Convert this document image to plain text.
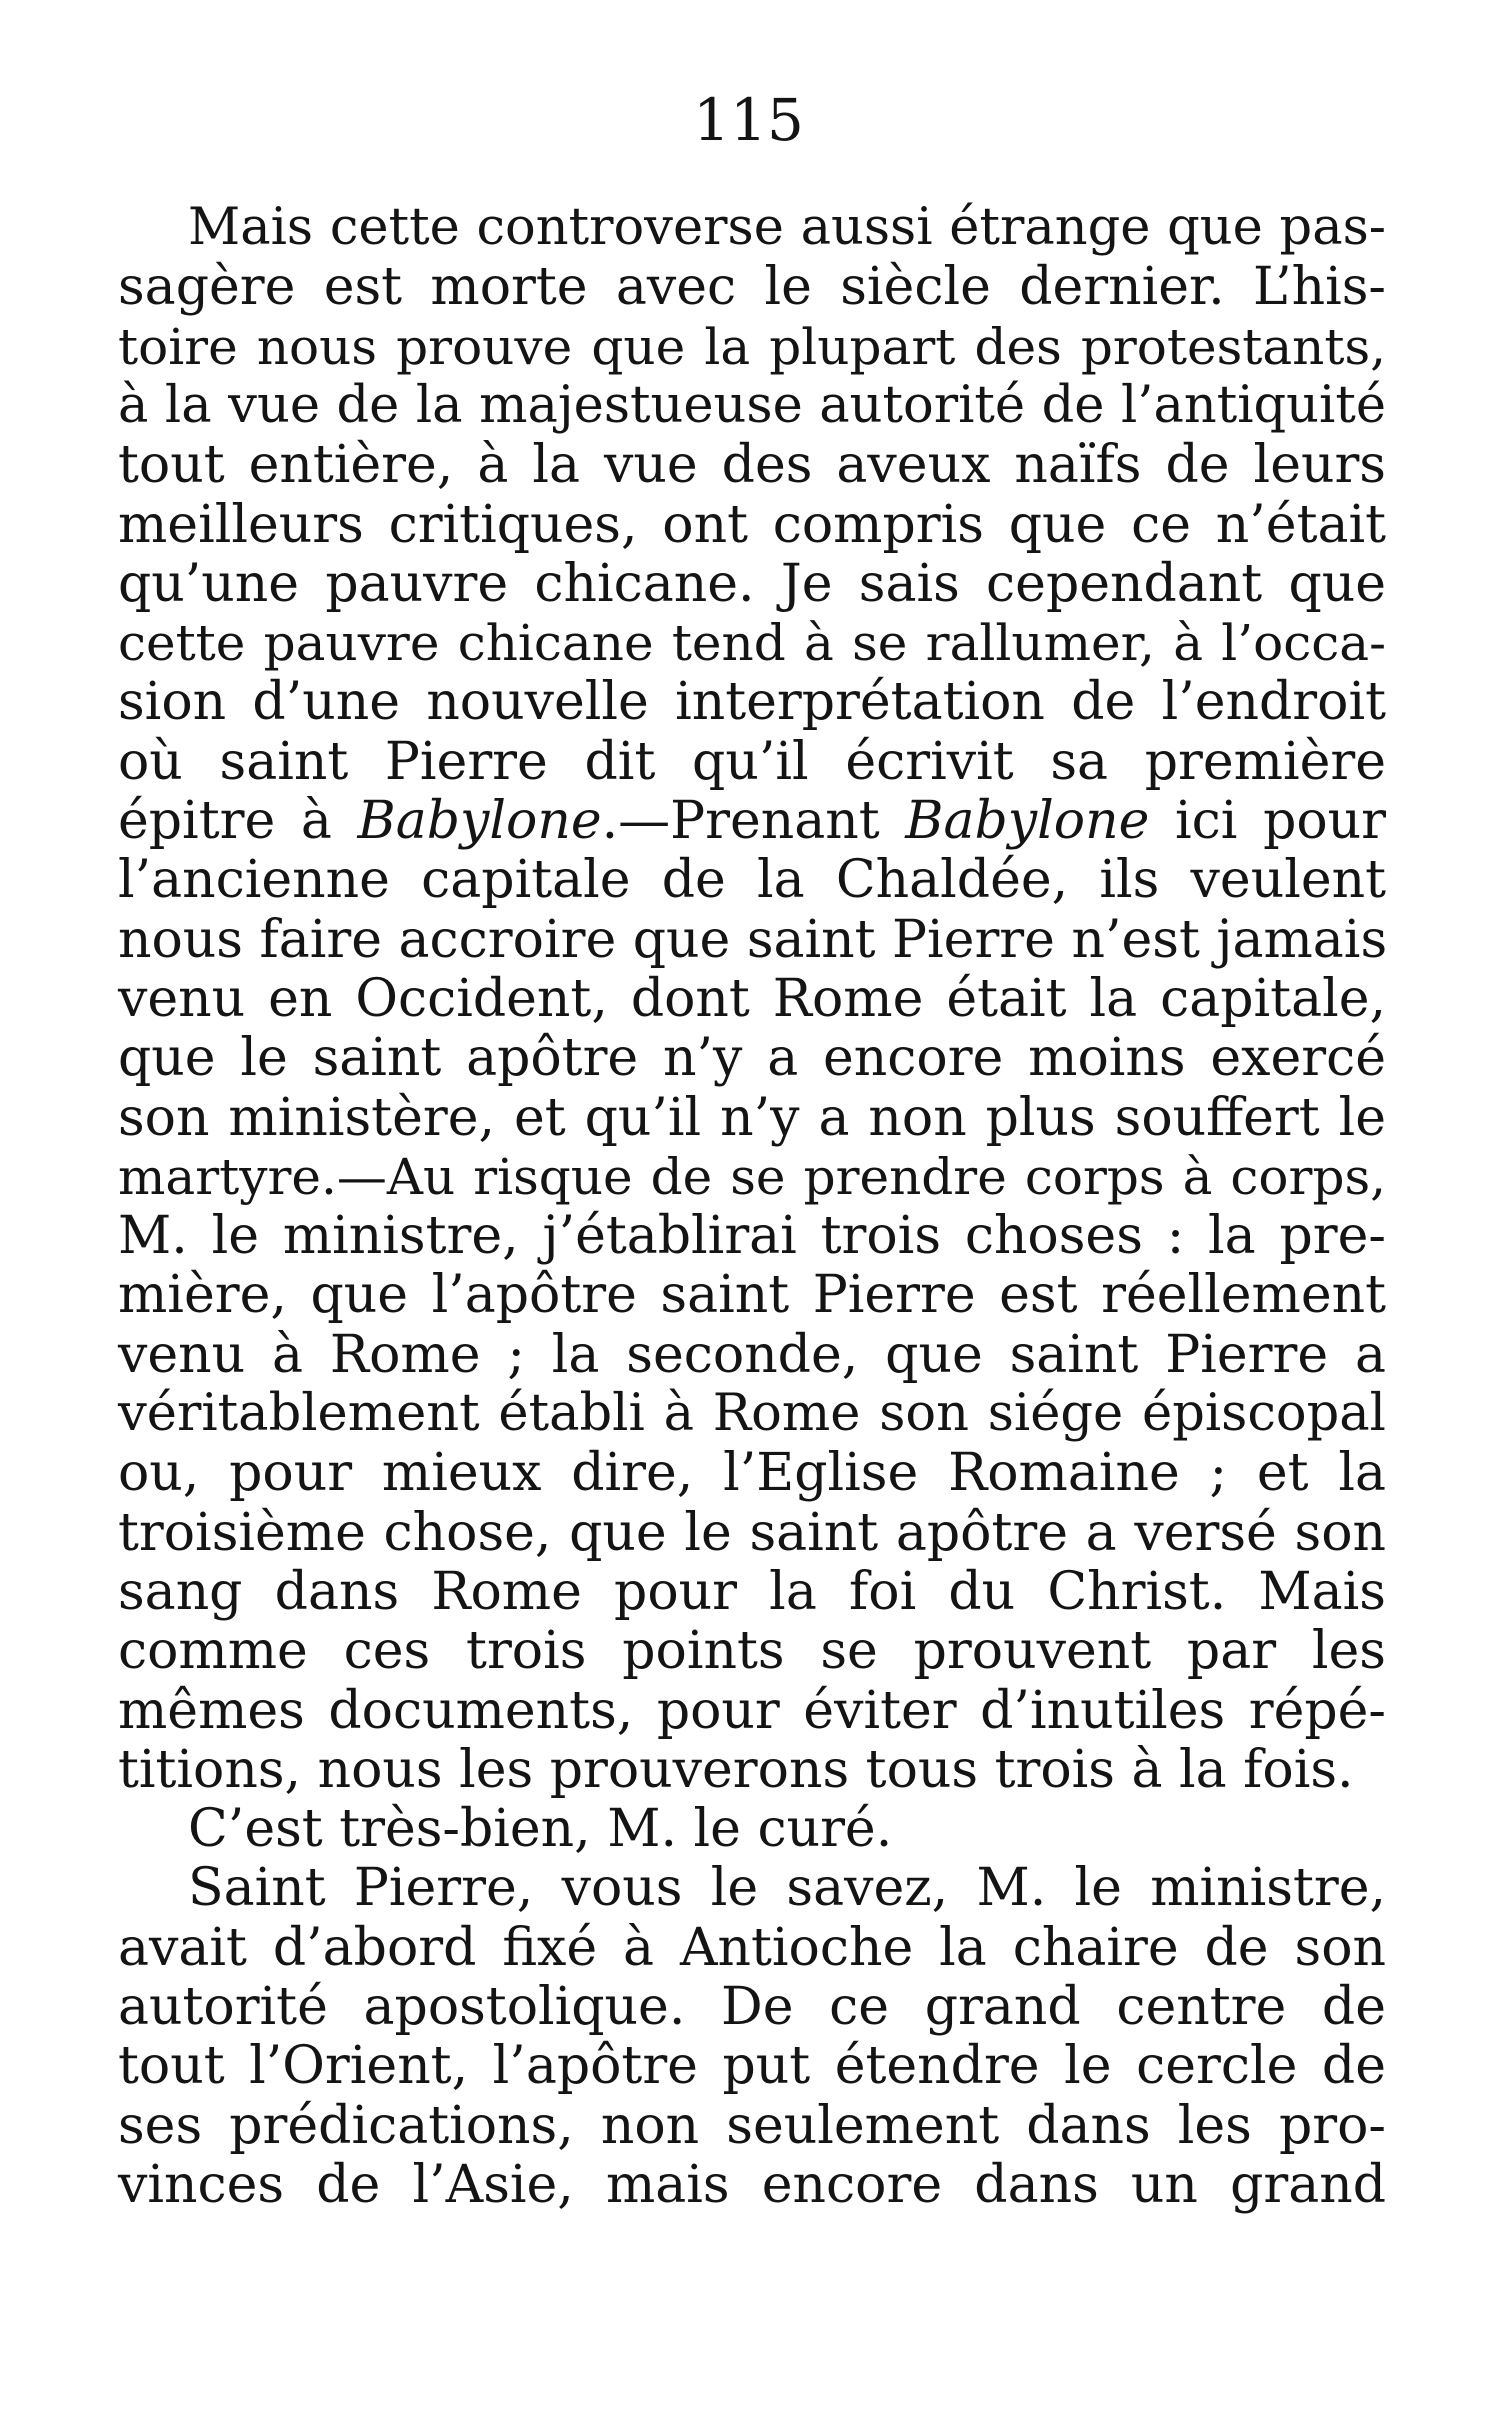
115
Mais cette controverse aussi étrange que pas-
sagère est morte avec le siècle dernier. L’his-
toire nous prouve que la plupart des protestants,
à la vue de la majestueuse autorité de l’antiquité
tout entière, à la vue des aveux naïfs de leurs
meilleurs critiques, ont compris que ce n’était
qu’une pauvre chicane. Je sais cependant que
cette pauvre chicane tend à se rallumer, à l’occa-
sion d’une nouvelle interprétation de l’endroit
où saint Pierre dit qu’il écrivit sa première
épitre à Babylone.—Prenant Babylone ici pour
l’ancienne capitale de la Chaldée, ils veulent
nous faire accroire que saint Pierre n’est jamais
venu en Occident, dont Rome était la capitale,
que le saint apôtre n’y a encore moins exercé
son ministère, et qu’il n’y a non plus souffert le
martyre.—Au risque de se prendre corps à corps,
M. le ministre, j’établirai trois choses : la pre-
mière, que l’apôtre saint Pierre est réellement
venu à Rome ; la seconde, que saint Pierre a
véritablement établi à Rome son siége épiscopal
ou, pour mieux dire, l’Eglise Romaine ; et la
troisième chose, que le saint apôtre a versé son
sang dans Rome pour la foi du Christ. Mais
comme ces trois points se prouvent par les
mêmes documents, pour éviter d’inutiles répé-
titions, nous les prouverons tous trois à la fois.
C’est très-bien, M. le curé.
Saint Pierre, vous le savez, M. le ministre,
avait d’abord fixé à Antioche la chaire de son
autorité apostolique. De ce grand centre de
tout l’Orient, l’apôtre put étendre le cercle de
ses prédications, non seulement dans les pro-
vinces de l’Asie, mais encore dans un grand
